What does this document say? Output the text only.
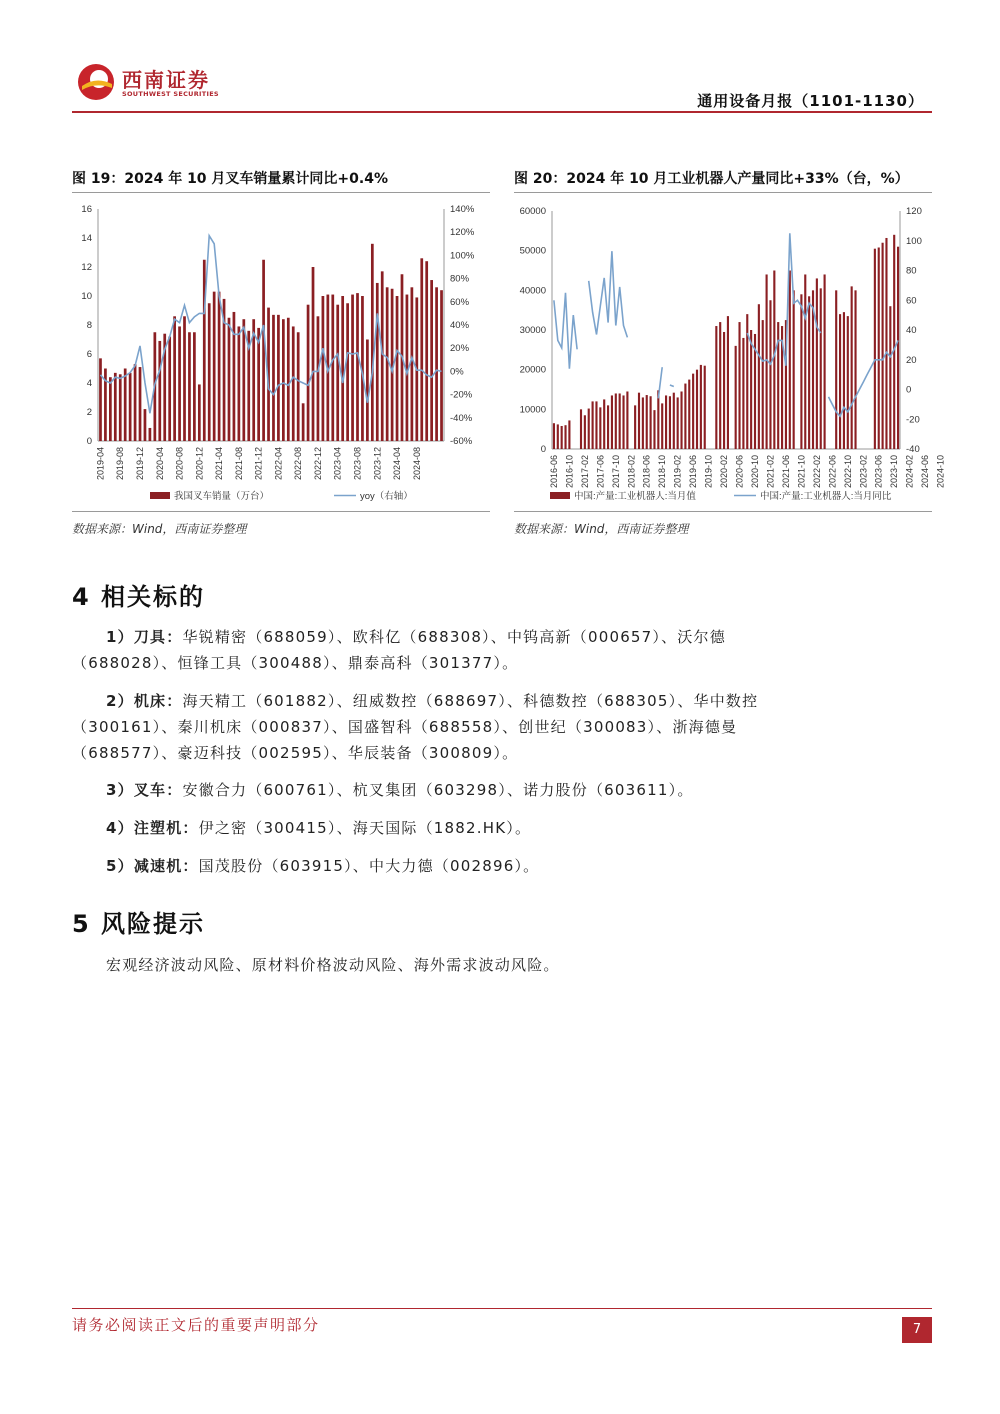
西南证券
SOUTHWEST SECURITIES	通用设备月报（1101-1130）
图 19：2024 年 10 月叉车销量累计同比+0.4%
0
2
4
6
8
10
12
14
16
-60%
-40%
-20%
0%
20%
40%
60%
80%
100%
120%
140%
2019-04 2019-08 2019-12 2020-04 2020-08 2020-12 2021-04 2021-08 2021-12 2022-04 2022-08 2022-12 2023-04 2023-08 2023-12 2024-04 2024-08
我国叉车销量（万台）	yoy（右轴）
数据来源：Wind，西南证券整理
图 20：2024 年 10 月工业机器人产量同比+33%（台，%）
0
10000
20000
30000
40000
50000
60000
-40
-20
0
20
40
60
80
100
120
2016-06 2016-10 2017-02 2017-06 2017-10 2018-02 2018-06 2018-10 2019-02 2019-06 2019-10 2020-02 2020-06 2020-10 2021-02 2021-06 2021-10 2022-02 2022-06 2022-10 2023-02 2023-06 2023-10 2024-02 2024-06 2024-10
中国:产量:工业机器人:当月值	中国:产量:工业机器人:当月同比
数据来源：Wind，西南证券整理
4 相关标的
1）刀具：华锐精密（688059）、欧科亿（688308）、中钨高新（000657）、沃尔德（688028）、恒锋工具（300488）、鼎泰高科（301377）。
2）机床：海天精工（601882）、纽威数控（688697）、科德数控（688305）、华中数控（300161）、秦川机床（000837）、国盛智科（688558）、创世纪（300083）、浙海德曼（688577）、豪迈科技（002595）、华辰装备（300809）。
3）叉车：安徽合力（600761）、杭叉集团（603298）、诺力股份（603611）。
4）注塑机：伊之密（300415）、海天国际（1882.HK）。
5）减速机：国茂股份（603915）、中大力德（002896）。
5 风险提示
宏观经济波动风险、原材料价格波动风险、海外需求波动风险。
请务必阅读正文后的重要声明部分	7
